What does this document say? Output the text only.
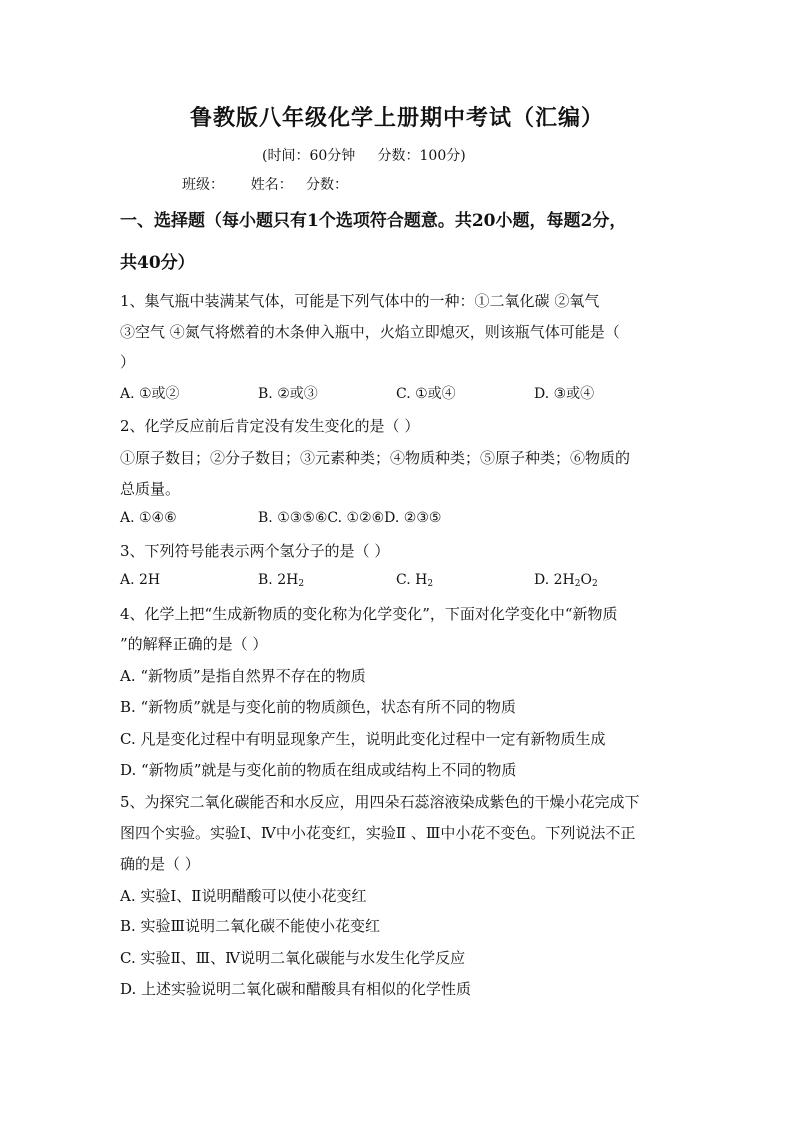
鲁教版八年级化学上册期中考试（汇编）
(时间：60分钟     分数：100分)
班级：      姓名：   分数：
一、选择题（每小题只有1个选项符合题意。共20小题，每题2分，
共40分）
1、集气瓶中装满某气体，可能是下列气体中的一种：①二氧化碳 ②氧气
③空气 ④氮气将燃着的木条伸入瓶中，火焰立即熄灭，则该瓶气体可能是（
）
A. ①或②	B. ②或③	C. ①或④	D. ③或④
2、化学反应前后肯定没有发生变化的是（ ）
①原子数目；②分子数目；③元素种类；④物质种类；⑤原子种类；⑥物质的
总质量。
A. ①④⑥	B. ①③⑤⑥C. ①②⑥D. ②③⑤
3、下列符号能表示两个氢分子的是（ ）
A. 2H	B. $2H_2$	C. $H_2$	D. $2H_2O_2$
4、化学上把“生成新物质的变化称为化学变化”，下面对化学变化中“新物质
”的解释正确的是（ ）
A. “新物质”是指自然界不存在的物质
B. “新物质”就是与变化前的物质颜色，状态有所不同的物质
C. 凡是变化过程中有明显现象产生，说明此变化过程中一定有新物质生成
D. “新物质”就是与变化前的物质在组成或结构上不同的物质
5、为探究二氧化碳能否和水反应，用四朵石蕊溶液染成紫色的干燥小花完成下
图四个实验。实验Ⅰ、Ⅳ中小花变红，实验Ⅱ 、Ⅲ中小花不变色。下列说法不正
确的是（ ）
A. 实验Ⅰ、Ⅱ说明醋酸可以使小花变红
B. 实验Ⅲ说明二氧化碳不能使小花变红
C. 实验Ⅱ、Ⅲ、Ⅳ说明二氧化碳能与水发生化学反应
D. 上述实验说明二氧化碳和醋酸具有相似的化学性质
